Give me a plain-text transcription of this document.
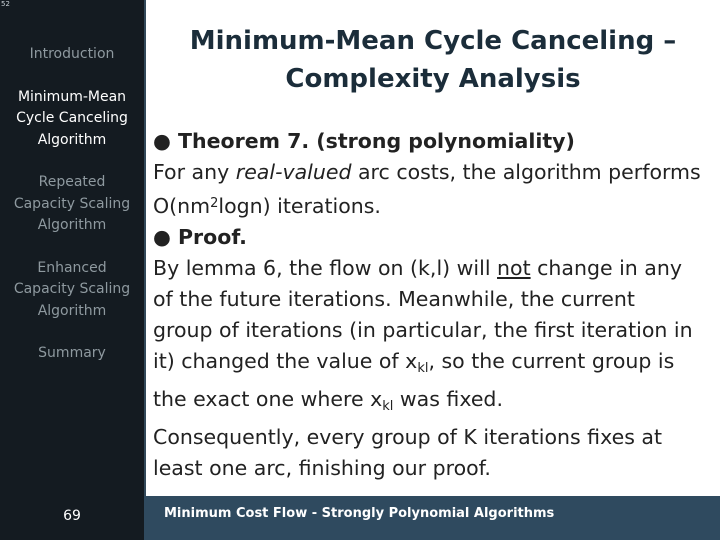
52
Introduction
Minimum-Mean
Cycle Canceling
Algorithm
Repeated
Capacity Scaling
Algorithm
Enhanced
Capacity Scaling
Algorithm
Summary
Minimum-Mean Cycle Canceling –
Complexity Analysis
● Theorem 7. (strong polynomiality)
For any real-valued arc costs, the algorithm performs
$O(nm^2\log n)$ iterations.
● Proof.
By lemma 6, the flow on (k,l) will not change in any
of the future iterations. Meanwhile, the current
group of iterations (in particular, the first iteration in
it) changed the value of $x_{kl}$, so the current group is
the exact one where $x_{kl}$ was fixed.
Consequently, every group of K iterations fixes at
least one arc, finishing our proof.
69	Minimum Cost Flow - Strongly Polynomial Algorithms
